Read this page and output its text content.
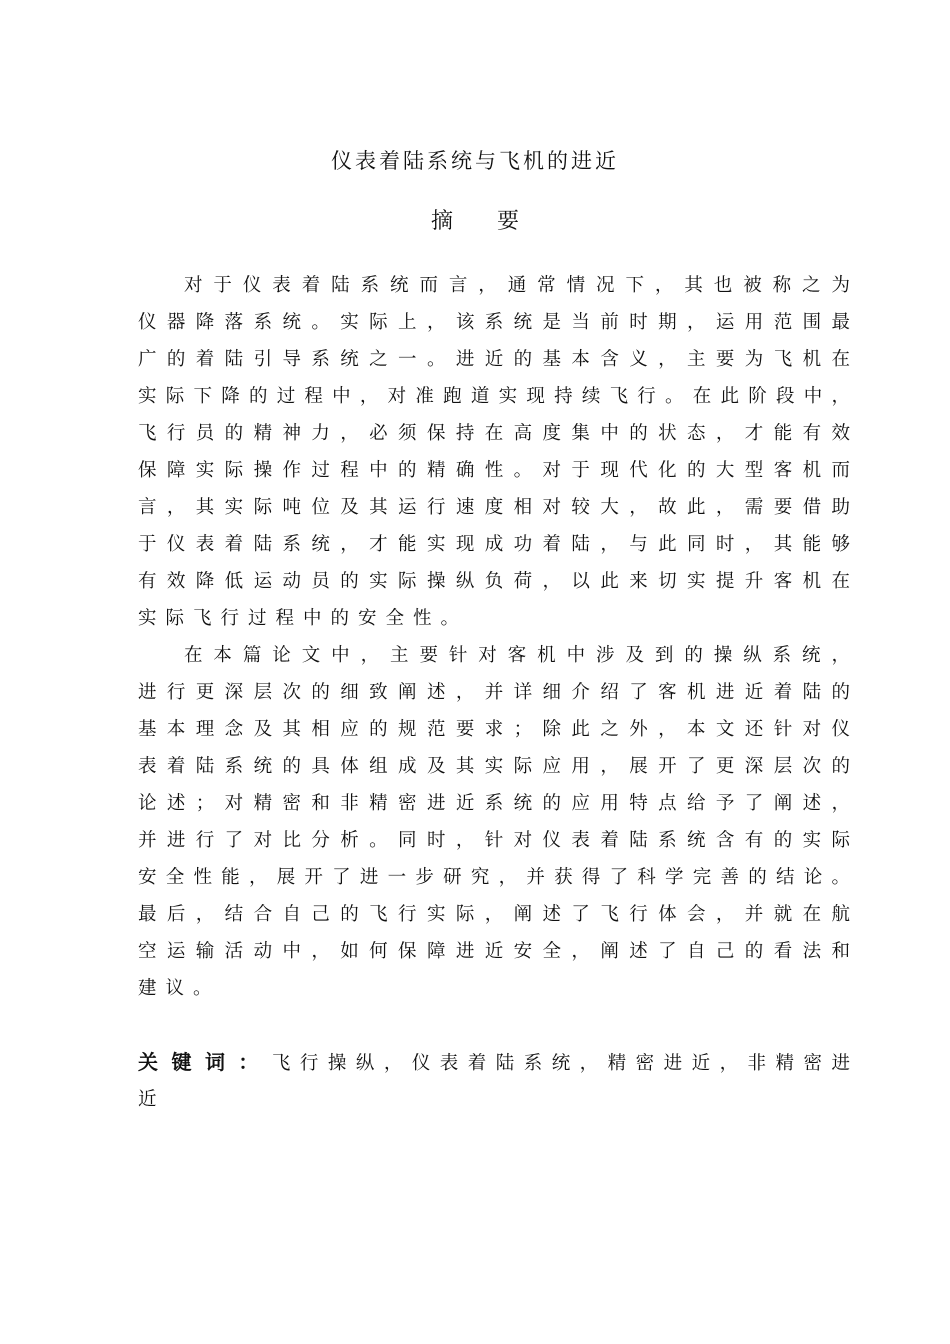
仪表着陆系统与飞机的进近
摘 要
对于仪表着陆系统而言，通常情况下，其也被称之为
仪器降落系统。实际上，该系统是当前时期，运用范围最
广的着陆引导系统之一。进近的基本含义，主要为飞机在
实际下降的过程中，对准跑道实现持续飞行。在此阶段中，
飞行员的精神力，必须保持在高度集中的状态，才能有效
保障实际操作过程中的精确性。对于现代化的大型客机而
言，其实际吨位及其运行速度相对较大，故此，需要借助
于仪表着陆系统，才能实现成功着陆，与此同时，其能够
有效降低运动员的实际操纵负荷，以此来切实提升客机在
实际飞行过程中的安全性。
在本篇论文中，主要针对客机中涉及到的操纵系统，
进行更深层次的细致阐述，并详细介绍了客机进近着陆的
基本理念及其相应的规范要求；除此之外，本文还针对仪
表着陆系统的具体组成及其实际应用，展开了更深层次的
论述；对精密和非精密进近系统的应用特点给予了阐述，
并进行了对比分析。同时，针对仪表着陆系统含有的实际
安全性能，展开了进一步研究，并获得了科学完善的结论。
最后，结合自己的飞行实际，阐述了飞行体会，并就在航
空运输活动中，如何保障进近安全，阐述了自己的看法和
建议。
关键词：飞行操纵，仪表着陆系统，精密进近，非精密进
近
